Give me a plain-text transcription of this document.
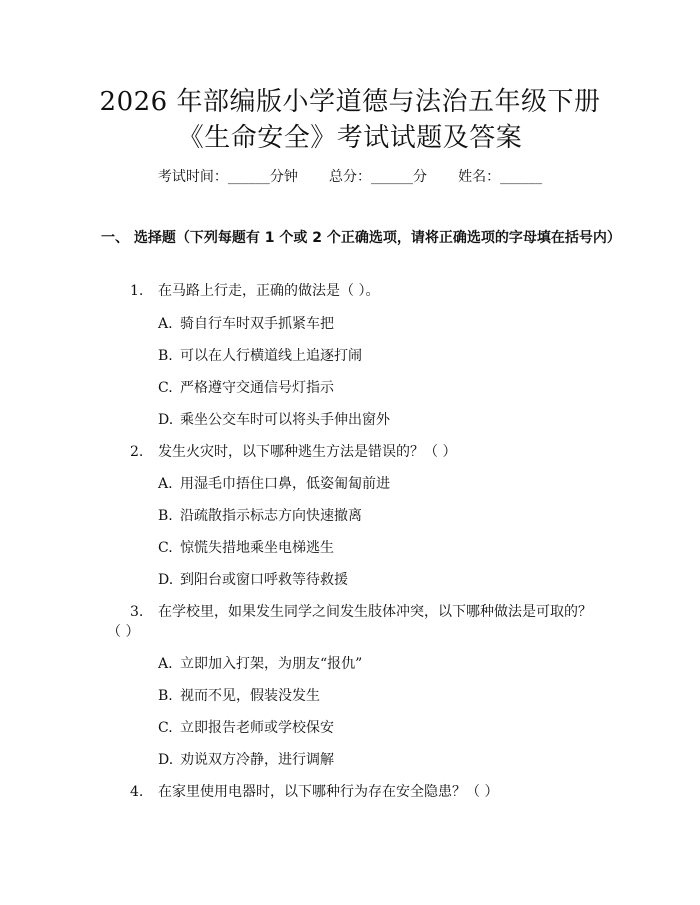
2026 年部编版小学道德与法治五年级下册
《生命安全》考试试题及答案
考试时间：______分钟       总分：______分       姓名：______
一、 选择题（下列每题有 1 个或 2 个正确选项，请将正确选项的字母填在括号内）
1. 在马路上行走，正确的做法是（ ）。
A. 骑自行车时双手抓紧车把
B. 可以在人行横道线上追逐打闹
C. 严格遵守交通信号灯指示
D. 乘坐公交车时可以将头手伸出窗外
2. 发生火灾时，以下哪种逃生方法是错误的？（ ）
A. 用湿毛巾捂住口鼻，低姿匍匐前进
B. 沿疏散指示标志方向快速撤离
C. 惊慌失措地乘坐电梯逃生
D. 到阳台或窗口呼救等待救援
3. 在学校里，如果发生同学之间发生肢体冲突，以下哪种做法是可取的？
（ ）
A. 立即加入打架，为朋友“报仇”
B. 视而不见，假装没发生
C. 立即报告老师或学校保安
D. 劝说双方冷静，进行调解
4. 在家里使用电器时，以下哪种行为存在安全隐患？（ ）
